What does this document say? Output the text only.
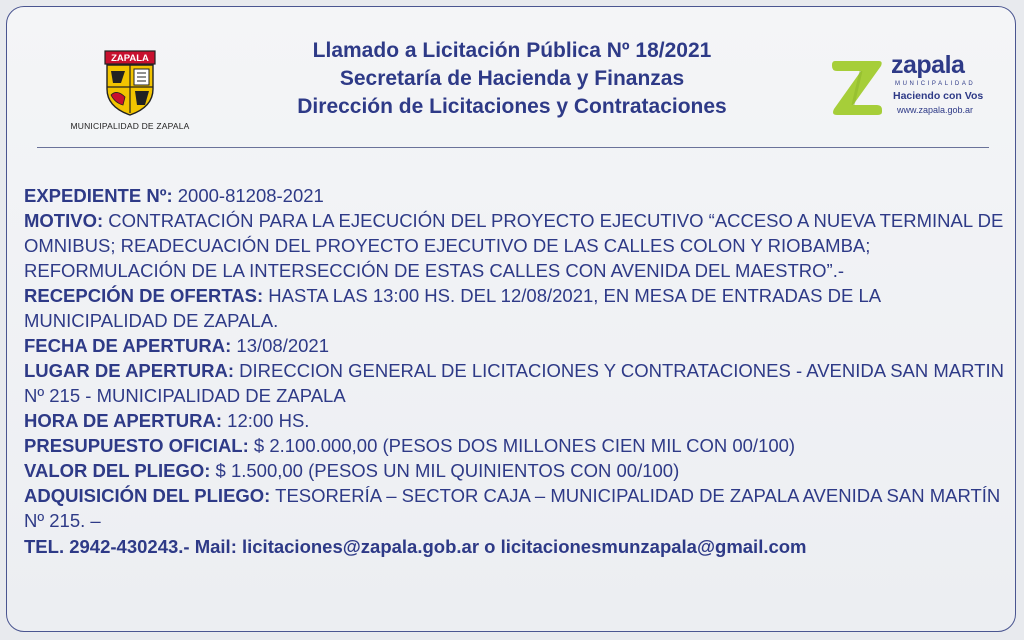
ZAPALA
MUNICIPALIDAD DE ZAPALA
Llamado a Licitación Pública Nº 18/2021
Secretaría de Hacienda y Finanzas
Dirección de Licitaciones y Contrataciones
zapala
MUNICIPALIDAD
Haciendo con Vos
www.zapala.gob.ar

EXPEDIENTE Nº: 2000-81208-2021

MOTIVO: CONTRATACIÓN PARA LA EJECUCIÓN DEL PROYECTO EJECUTIVO “ACCESO A NUEVA TERMINAL DE OMNIBUS; READECUACIÓN DEL PROYECTO EJECUTIVO DE LAS CALLES COLON Y RIOBAMBA; REFORMULACIÓN DE LA INTERSECCIÓN DE ESTAS CALLES CON AVENIDA DEL MAESTRO”.-

RECEPCIÓN DE OFERTAS: HASTA LAS 13:00 HS. DEL 12/08/2021, EN MESA DE ENTRADAS DE LA MUNICIPALIDAD DE ZAPALA.

FECHA DE APERTURA: 13/08/2021

LUGAR DE APERTURA: DIRECCION GENERAL DE LICITACIONES Y CONTRATACIONES - AVENIDA SAN MARTIN Nº 215 - MUNICIPALIDAD DE ZAPALA

HORA DE APERTURA: 12:00 HS.

PRESUPUESTO OFICIAL: $ 2.100.000,00 (PESOS DOS MILLONES CIEN MIL CON 00/100)

VALOR DEL PLIEGO: $ 1.500,00 (PESOS UN MIL QUINIENTOS CON 00/100)

ADQUISICIÓN DEL PLIEGO: TESORERÍA – SECTOR CAJA – MUNICIPALIDAD DE ZAPALA AVENIDA SAN MARTÍN Nº 215. –

TEL. 2942-430243.- Mail: licitaciones@zapala.gob.ar o licitacionesmunzapala@gmail.com
